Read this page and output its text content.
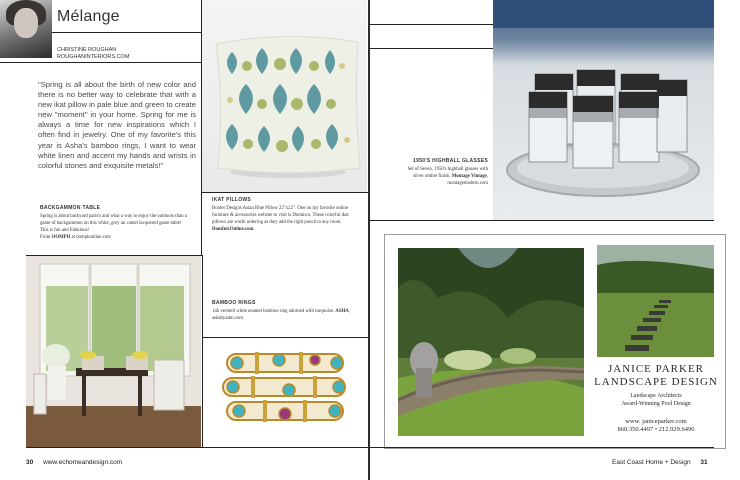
Mélange
CHRISTINE ROUGHAN
ROUGHANINTERIORS.COM
"Spring is all about the birth of new color and there is no better way to celebrate that with a new ikat pillow in pale blue and green to create new "moment" in your home. Spring for me is always a time for new inspirations which I often find in jewelry. One of my favorite's this year is Asha's bamboo rings, I want to wear white linen and accent my hands and wrists in colorful stones and exquisite metals!"
BACKGAMMON TABLE
Spring is about backyard parts's and what a way to enjoy the outdoors than a game of backgammon on this white, grey an camel lacquered game table! This is fun and Fabulous!
From OOMPH at oomphonline.com
IKAT PILLOWS
Booter Designs Asian Blue Pillow 22"x22". One on my favorite online furniture & accessories website to visit is Dominco. These colorful ikat pillows are worth ordering as they add the right punch to any room. DomInicOnline.com
BAMBOO RINGS
14k vermeil white enamel bamboo ring adorned with turquoise. ASHA, ashabyadm.com
30 www.echomeandesign.com
1950'S HIGHBALL GLASSES
Set of Seven, 1950's highball glasses with silver ombre finish. Montage Vintage, montagemodern.com
JANICE PARKER
LANDSCAPE DESIGN
Landscape Architects
Award-Winning Pool Design
www. janiceparker.com
860.350.4497 • 212.929.6490
East Coast Home + Design 31
